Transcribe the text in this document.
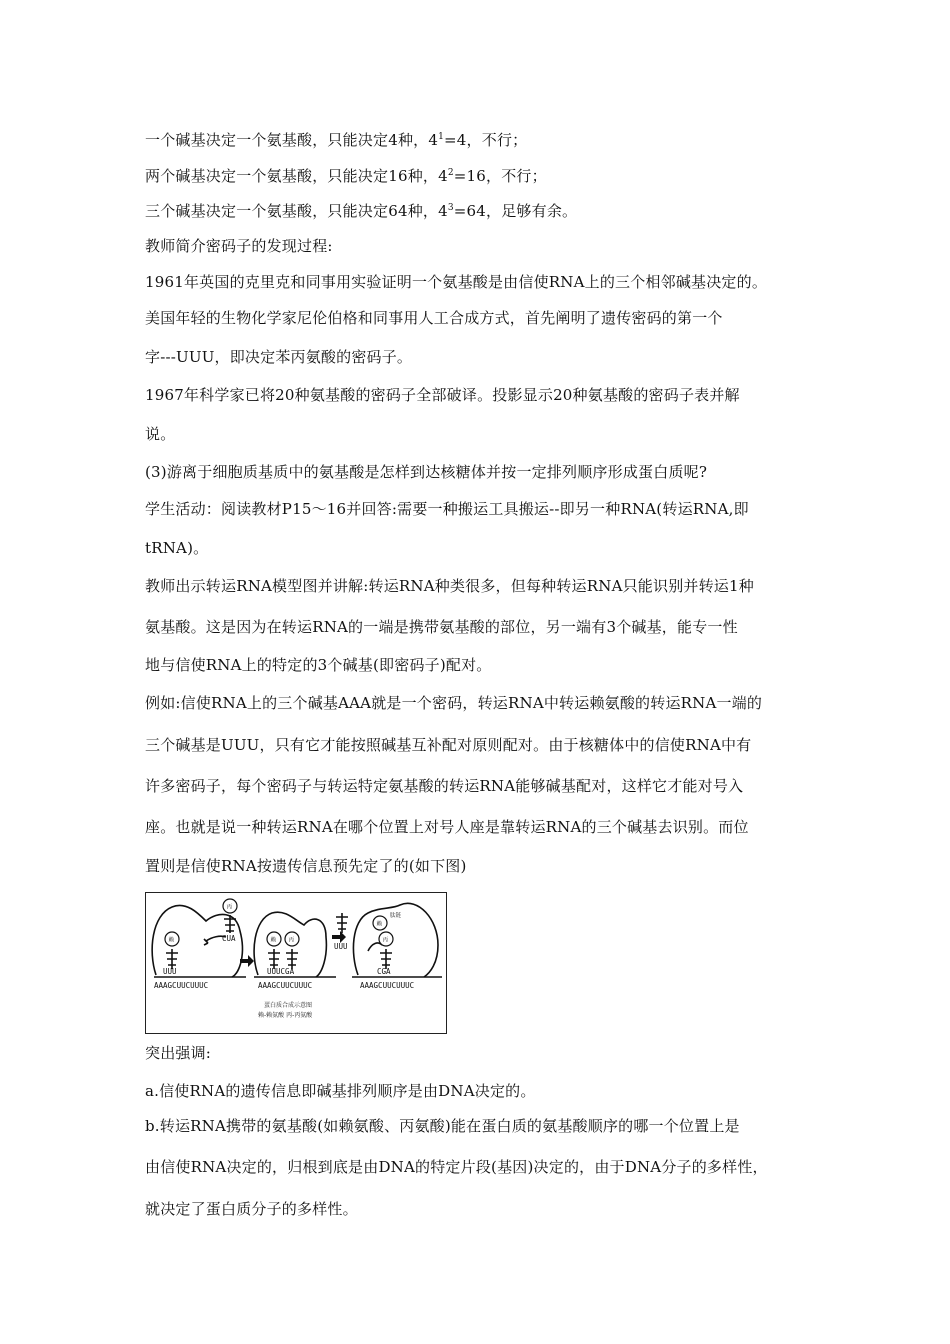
一个碱基决定一个氨基酸，只能决定4种，$4^1=4$，不行；

两个碱基决定一个氨基酸，只能决定16种，$4^2=16$，不行；

三个碱基决定一个氨基酸，只能决定64种，$4^3=64$，足够有余。

教师简介密码子的发现过程:

1961年英国的克里克和同事用实验证明一个氨基酸是由信使RNA上的三个相邻碱基决定的。

美国年轻的生物化学家尼伦伯格和同事用人工合成方式，首先阐明了遗传密码的第一个

字---UUU，即决定苯丙氨酸的密码子。

1967年科学家已将20种氨基酸的密码子全部破译。投影显示20种氨基酸的密码子表并解

说。

(3)游离于细胞质基质中的氨基酸是怎样到达核糖体并按一定排列顺序形成蛋白质呢?

学生活动：阅读教材P15～16并回答:需要一种搬运工具搬运--即另一种RNA(转运RNA,即

tRNA)。

教师出示转运RNA模型图并讲解:转运RNA种类很多，但每种转运RNA只能识别并转运1种

氨基酸。这是因为在转运RNA的一端是携带氨基酸的部位，另一端有3个碱基，能专一性

地与信使RNA上的特定的3个碱基(即密码子)配对。

例如:信使RNA上的三个碱基AAA就是一个密码，转运RNA中转运赖氨酸的转运RNA一端的

三个碱基是UUU，只有它才能按照碱基互补配对原则配对。由于核糖体中的信使RNA中有

许多密码子，每个密码子与转运特定氨基酸的转运RNA能够碱基配对，这样它才能对号入

座。也就是说一种转运RNA在哪个位置上对号人座是靠转运RNA的三个碱基去识别。而位

置则是信使RNA按遗传信息预先定了的(如下图)

赖
丙
赖 丙
赖
丙
肽链
UUU
CUA
UUUCGA
UUU
CGA
AAAGCUUCUUUC	AAAGCUUCUUUC	AAAGCUUCUUUC
蛋白质合成示意图
赖-赖氨酸 丙-丙氨酸

突出强调:

a.信使RNA的遗传信息即碱基排列顺序是由DNA决定的。

b.转运RNA携带的氨基酸(如赖氨酸、丙氨酸)能在蛋白质的氨基酸顺序的哪一个位置上是

由信使RNA决定的，归根到底是由DNA的特定片段(基因)决定的，由于DNA分子的多样性，

就决定了蛋白质分子的多样性。
